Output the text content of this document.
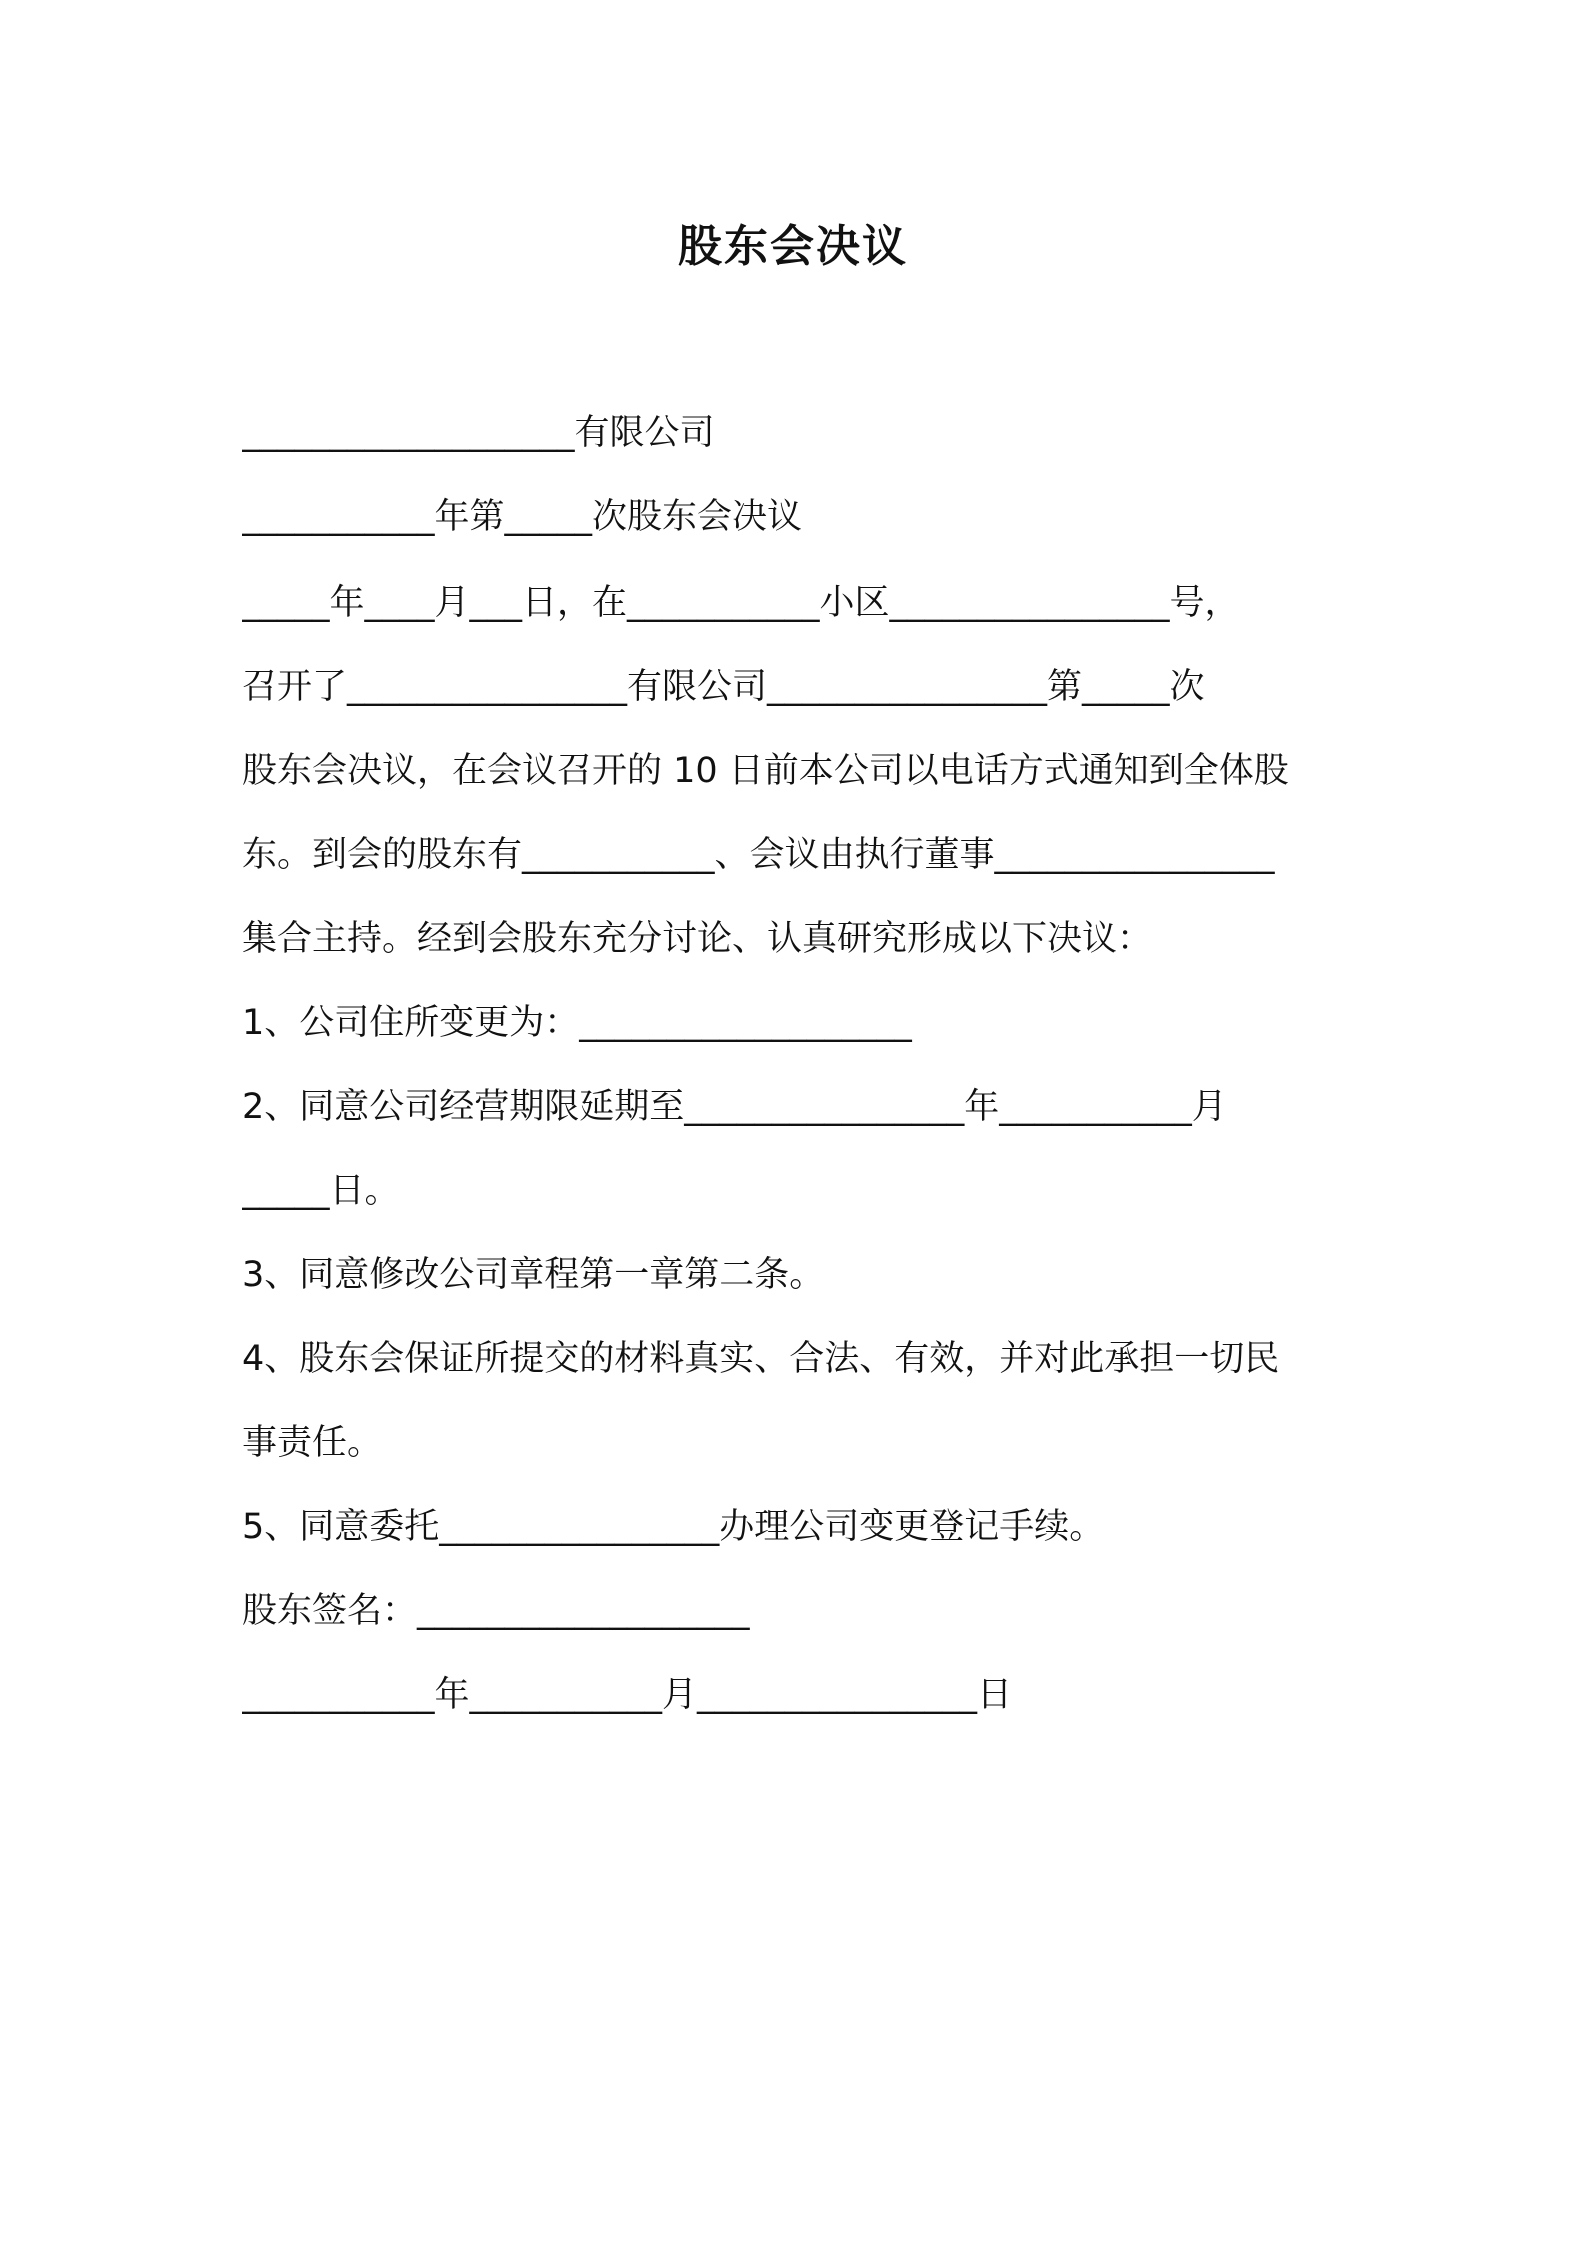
股东会决议
___________________有限公司
___________年第_____次股东会决议
_____年____月___日，在___________小区________________号，
召开了________________有限公司________________第_____次
股东会决议，在会议召开的 10 日前本公司以电话方式通知到全体股
东。到会的股东有___________、会议由执行董事________________
集合主持。经到会股东充分讨论、认真研究形成以下决议：
1、公司住所变更为：___________________
2、同意公司经营期限延期至________________年___________月
_____日。
3、同意修改公司章程第一章第二条。
4、股东会保证所提交的材料真实、合法、有效，并对此承担一切民
事责任。
5、同意委托________________办理公司变更登记手续。
股东签名：___________________
___________年___________月________________日
